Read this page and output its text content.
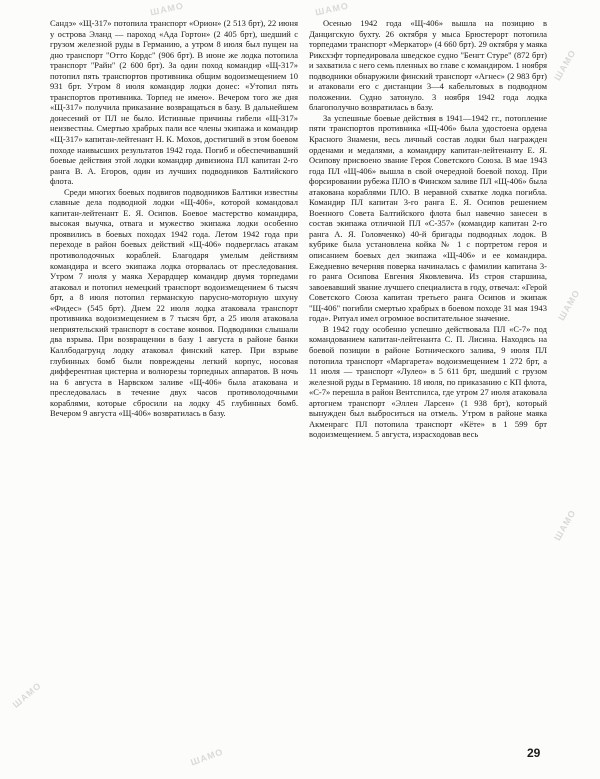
ШАМО	ШАМО
ШАМО
ШАМО
ШАМО
ШАМО
ШАМО

Сандэ» «Щ-317» потопила транспорт «Орион» (2 513 брт), 22 июня у острова Эланд — пароход «Ада Гортон» (2 405 брт), шедший с грузом железной руды в Германию, а утром 8 июля был пущен на дно транспорт "Отто Кордс" (906 брт). В июне же лодка потопила транспорт "Райн" (2 600 брт). За один поход командир «Щ-317» потопил пять транспортов противника общим водоизмещением 10 931 брт. Утром 8 июля командир лодки донес: «Утопил пять транспортов противника. Торпед не имею». Вечером того же дня «Щ-317» получила приказание возвращаться в базу. В дальнейшем донесений от ПЛ не было. Истинные причины гибели «Щ-317» неизвестны. Смертью храбрых пали все члены экипажа и командир «Щ-317» капитан-лейтенант Н. К. Мохов, достигший в этом боевом походе наивысших результатов 1942 года. Погиб и обеспечивавший боевые действия этой лодки командир дивизиона ПЛ капитан 2-го ранга В. А. Егоров, один из лучших подводников Балтийского флота.

Среди многих боевых подвигов подводников Балтики известны славные дела подводной лодки «Щ-406», которой командовал капитан-лейтенант Е. Я. Осипов. Боевое мастерство командира, высокая выучка, отвага и мужество экипажа лодки особенно проявились в боевых походах 1942 года. Летом 1942 года при переходе в район боевых действий «Щ-406» подверглась атакам противолодочных кораблей. Благодаря умелым действиям командира и всего экипажа лодка оторвалась от преследования. Утром 7 июля у маяка Херардщер командир двумя торпедами атаковал и потопил немецкий транспорт водоизмещением 6 тысяч брт, а 8 июля потопил германскую парусно-моторную шхуну «Фидес» (545 брт). Днем 22 июля лодка атаковала транспорт противника водоизмещением в 7 тысяч брт, а 25 июля атаковала неприятельский транспорт в составе конвоя. Подводники слышали два взрыва. При возвращении в базу 1 августа в районе банки Каллбодагрунд лодку атаковал финский катер. При взрыве глубинных бомб были повреждены легкий корпус, носовая дифферентная цистерна и волнорезы торпедных аппаратов. В ночь на 6 августа в Нарвском заливе «Щ-406» была атакована и преследовалась в течение двух часов противолодочными кораблями, которые сбросили на лодку 45 глубинных бомб. Вечером 9 августа «Щ-406» возвратилась в базу.

Осенью 1942 года «Щ-406» вышла на позицию в Данцигскую бухту. 26 октября у мыса Брюстерорт потопила торпедами транспорт «Меркатор» (4 660 брт). 29 октября у маяка Риксхэфт торпедировала шведское судно "Бенгт Стуре" (872 брт) и захватила с него семь пленных во главе с командиром. 1 ноября подводники обнаружили финский транспорт «Агнес» (2 983 брт) и атаковали его с дистанции 3—4 кабельтовых в подводном положении. Судно затонуло. 3 ноября 1942 года лодка благополучно возвратилась в базу.

За успешные боевые действия в 1941—1942 гг., потопление пяти транспортов противника «Щ-406» была удостоена ордена Красного Знамени, весь личный состав лодки был награжден орденами и медалями, а командиру капитан-лейтенанту Е. Я. Осипову присвоено звание Героя Советского Союза. В мае 1943 года ПЛ «Щ-406» вышла в свой очередной боевой поход. При форсировании рубежа ПЛО в Финском заливе ПЛ «Щ-406» была атакована кораблями ПЛО. В неравной схватке лодка погибла. Командир ПЛ капитан 3-го ранга Е. Я. Осипов решением Военного Совета Балтийского флота был навечно занесен в состав экипажа отличной ПЛ «С-357» (командир капитан 2-го ранга А. Я. Головченко) 40-й бригады подводных лодок. В кубрике была установлена койка № 1 с портретом героя и описанием боевых дел экипажа «Щ-406» и ее командира. Ежедневно вечерняя поверка начиналась с фамилии капитана 3-го ранга Осипова Евгения Яковлевича. Из строя старшина, завоевавший звание лучшего специалиста в году, отвечал: «Герой Советского Союза капитан третьего ранга Осипов и экипаж "Щ-406" погибли смертью храбрых в боевом походе 31 мая 1943 года». Ритуал имел огромное воспитательное значение.

В 1942 году особенно успешно действовала ПЛ «С-7» под командованием капитан-лейтенанта С. П. Лисина. Находясь на боевой позиции в районе Ботнического залива, 9 июля ПЛ потопила транспорт «Маргарета» водоизмещением 1 272 брт, а 11 июля — транспорт «Лулео» в 5 611 брт, шедший с грузом железной руды в Германию. 18 июля, по приказанию с КП флота, «С-7» перешла в район Вентспилса, где утром 27 июля атаковала артогнем транспорт «Эллен Ларсен» (1 938 брт), который вынужден был выброситься на отмель. Утром в районе маяка Акменрагс ПЛ потопила транспорт «Кёте» в 1 599 брт водоизмещением. 5 августа, израсходовав весь

29
